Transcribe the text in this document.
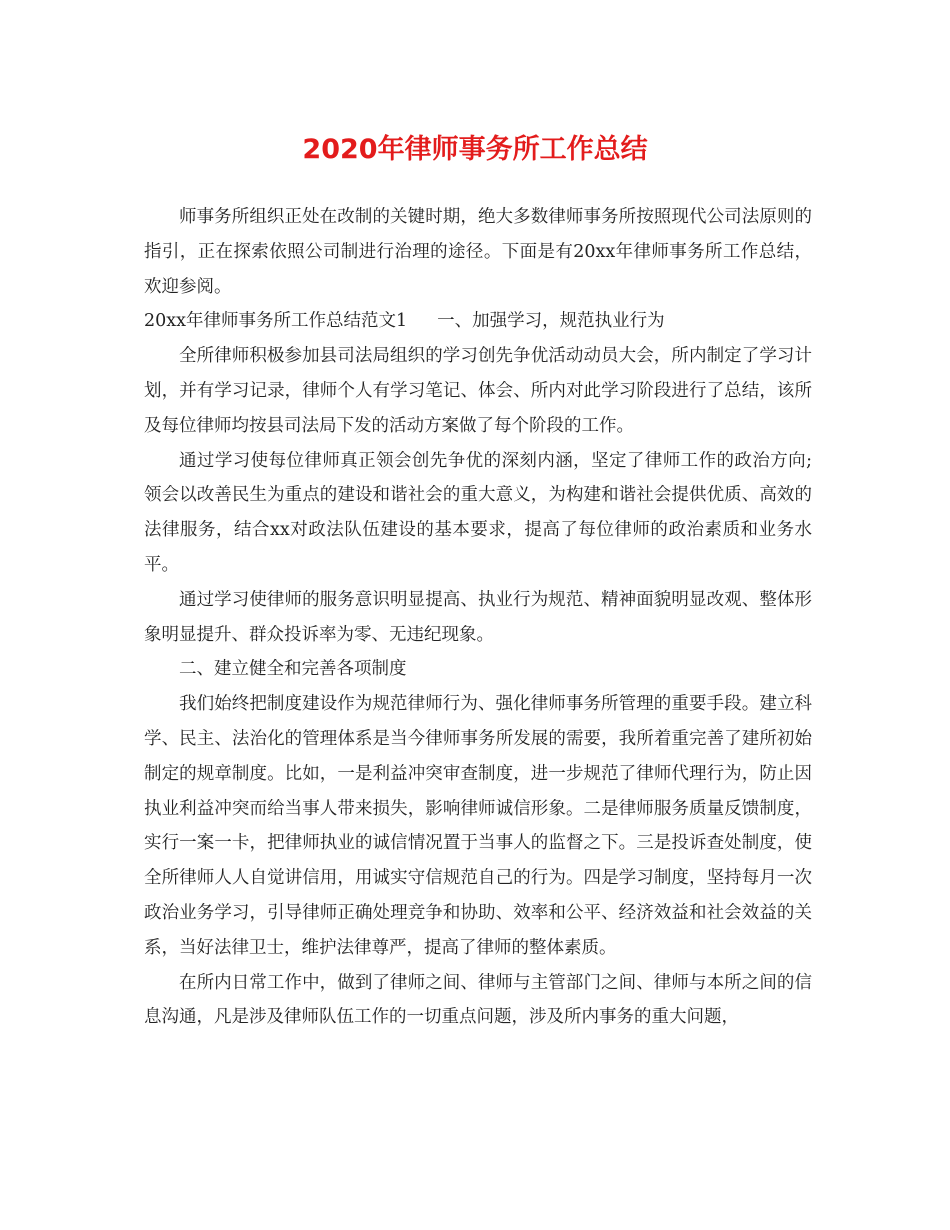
2020年律师事务所工作总结

师事务所组织正处在改制的关键时期，绝大多数律师事务所按照现代公司法原则的指引，正在探索依照公司制进行治理的途径。下面是有20xx年律师事务所工作总结，欢迎参阅。

20xx年律师事务所工作总结范文1 一、加强学习，规范执业行为

全所律师积极参加县司法局组织的学习创先争优活动动员大会，所内制定了学习计划，并有学习记录，律师个人有学习笔记、体会、所内对此学习阶段进行了总结，该所及每位律师均按县司法局下发的活动方案做了每个阶段的工作。

通过学习使每位律师真正领会创先争优的深刻内涵，坚定了律师工作的政治方向;领会以改善民生为重点的建设和谐社会的重大意义，为构建和谐社会提供优质、高效的法律服务，结合xx对政法队伍建设的基本要求，提高了每位律师的政治素质和业务水平。

通过学习使律师的服务意识明显提高、执业行为规范、精神面貌明显改观、整体形象明显提升、群众投诉率为零、无违纪现象。

二、建立健全和完善各项制度

我们始终把制度建设作为规范律师行为、强化律师事务所管理的重要手段。建立科学、民主、法治化的管理体系是当今律师事务所发展的需要，我所着重完善了建所初始制定的规章制度。比如，一是利益冲突审查制度，进一步规范了律师代理行为，防止因执业利益冲突而给当事人带来损失，影响律师诚信形象。二是律师服务质量反馈制度，实行一案一卡，把律师执业的诚信情况置于当事人的监督之下。三是投诉查处制度，使全所律师人人自觉讲信用，用诚实守信规范自己的行为。四是学习制度，坚持每月一次政治业务学习，引导律师正确处理竞争和协助、效率和公平、经济效益和社会效益的关系，当好法律卫士，维护法律尊严，提高了律师的整体素质。

在所内日常工作中，做到了律师之间、律师与主管部门之间、律师与本所之间的信息沟通，凡是涉及律师队伍工作的一切重点问题，涉及所内事务的重大问题，
